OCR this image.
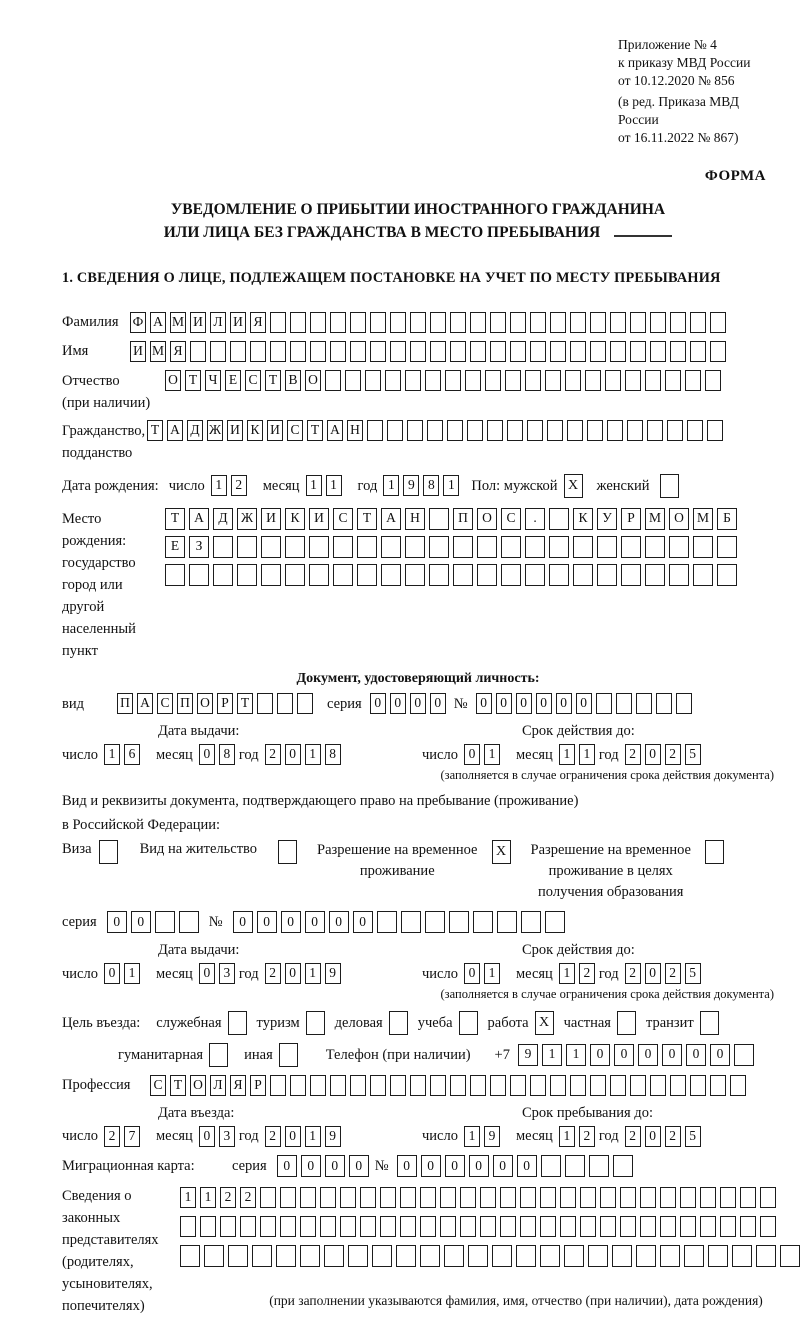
Приложение № 4
к приказу МВД России
от 10.12.2020 № 856
(в ред. Приказа МВД России
от 16.11.2022 № 867)
ФОРМА
УВЕДОМЛЕНИЕ О ПРИБЫТИИ ИНОСТРАННОГО ГРАЖДАНИНА
ИЛИ ЛИЦА БЕЗ ГРАЖДАНСТВА В МЕСТО ПРЕБЫВАНИЯ
1. СВЕДЕНИЯ О ЛИЦЕ, ПОДЛЕЖАЩЕМ ПОСТАНОВКЕ НА УЧЕТ ПО МЕСТУ ПРЕБЫВАНИЯ
Фамилия	Ф А М И Л И Я
Имя	И М Я
Отчество
(при наличии)
О Т Ч Е С Т В О
Гражданство,
подданство
Т А Д Ж И К И С Т А Н
Дата рождения: число 1 2	месяц 1 1	год 1 9 8 1	Пол: мужской X	женский
Место рождения:
государство
город или другой
населенный пункт
Т	А	Д Ж И	К	И	С	Т	А	Н	П	О	С	.	К	У	Р	М О М	Б

Е	З

Документ, удостоверяющий личность:
вид	П А С П О Р Т	серия 0 0 0 0 № 0 0 0 0 0 0
Дата выдачи:	Срок действия до:
число 1 6	месяц 0 8 год 2 0 1 8	число 0 1	месяц 1 1 год 2 0 2 5
(заполняется в случае ограничения срока действия документа)
Вид и реквизиты документа, подтверждающего право на пребывание (проживание)
в Российской Федерации:
Виза	Вид на жительство	Разрешение на временное
проживание
X	Разрешение на временное
проживание в целях
получения образования
серия	0	0	№	0	0	0	0	0	0
Дата выдачи:	Срок действия до:
число 0 1	месяц 0 3 год 2 0 1 9	число 0 1	месяц 1 2 год 2 0 2 5
(заполняется в случае ограничения срока действия документа)
Цель въезда: служебная туризм деловая учеба работа X частная транзит
гуманитарная	иная	Телефон (при наличии) +7	9	1	1	0	0	0	0	0	0
Профессия	С Т О Л Я Р
Дата въезда:	Срок пребывания до:
число 2 7	месяц 0 3 год 2 0 1 9	число 1 9	месяц 1 2 год 2 0 2 5
Миграционная карта:	серия	0	0	0	0 №	0	0	0	0	0	0
Сведения о
законных
представителях
(родителях,
усыновителях,
попечителях)
1 1 2 2

(при заполнении указываются фамилия, имя, отчество (при наличии), дата рождения)
